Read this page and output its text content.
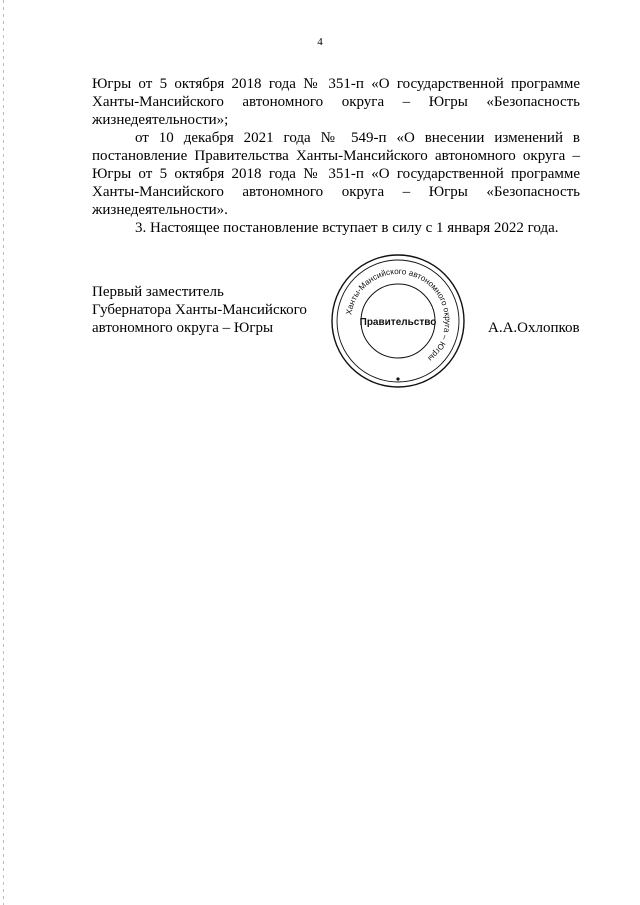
4

Югры от 5 октября 2018 года № 351-п «О государственной программе Ханты-Мансийского автономного округа – Югры «Безопасность жизнедеятельности»;

от 10 декабря 2021 года № 549-п «О внесении изменений в постановление Правительства Ханты-Мансийского автономного округа – Югры от 5 октября 2018 года № 351-п «О государственной программе Ханты-Мансийского автономного округа – Югры «Безопасность жизнедеятельности».

3. Настоящее постановление вступает в силу с 1 января 2022 года.

Первый заместитель
Губернатора Ханты-Мансийского
автономного округа – Югры
Ханты-Мансийского автономного округа – Югры
Правительство	А.А.Охлопков
